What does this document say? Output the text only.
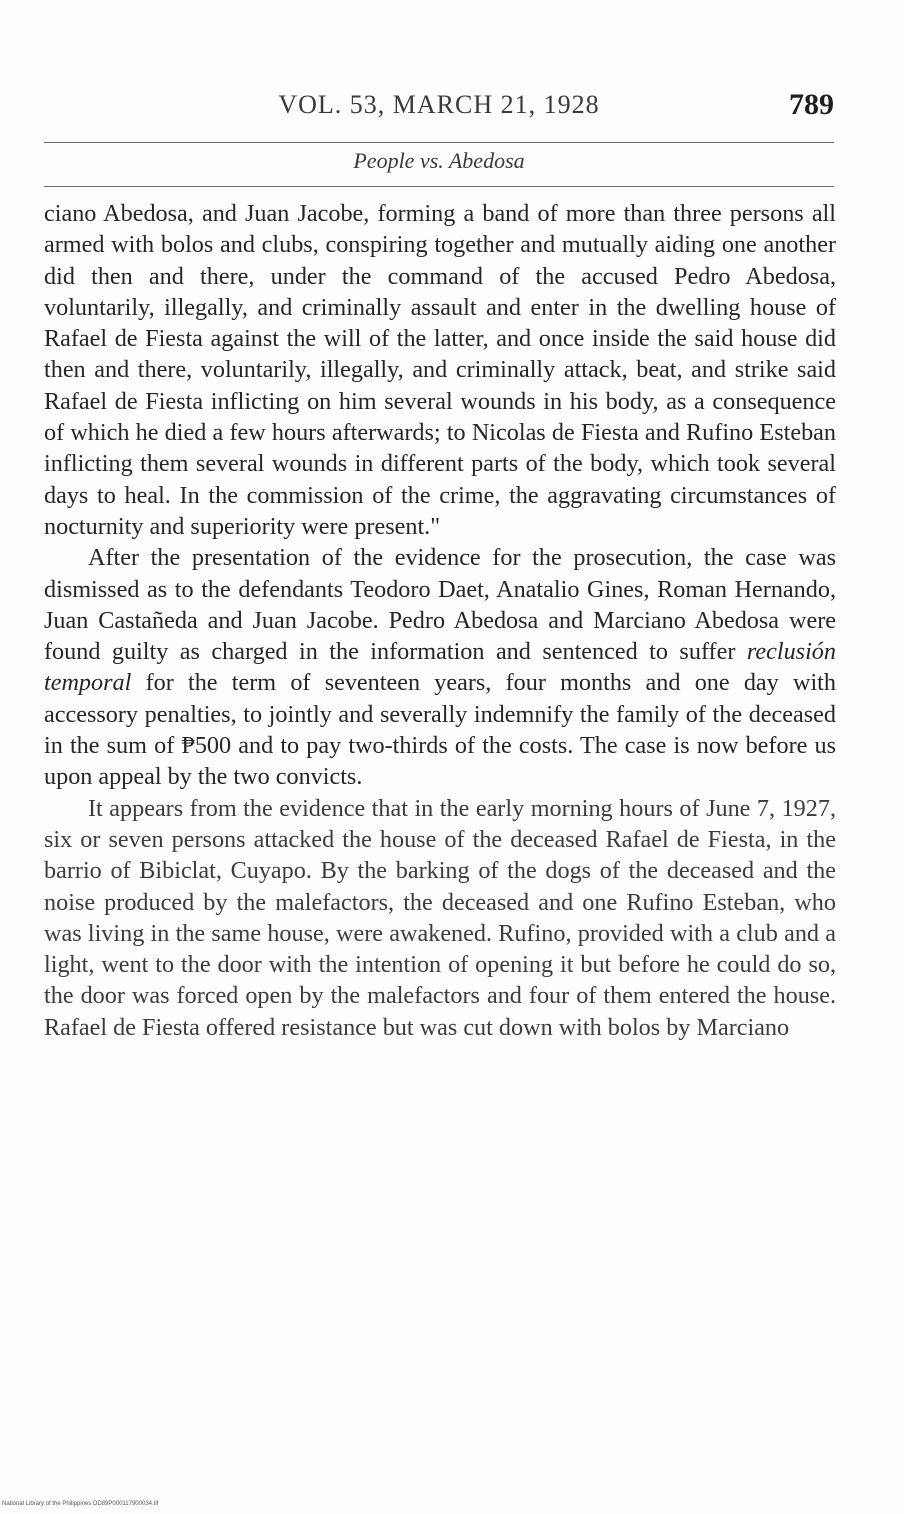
VOL. 53, MARCH 21, 1928	789
People vs. Abedosa

ciano Abedosa, and Juan Jacobe, forming a band of more than three persons all armed with bolos and clubs, conspiring together and mutually aiding one another did then and there, under the command of the accused Pedro Abedosa, voluntarily, illegally, and criminally assault and enter in the dwelling house of Rafael de Fiesta against the will of the latter, and once inside the said house did then and there, voluntarily, illegally, and criminally attack, beat, and strike said Rafael de Fiesta inflicting on him several wounds in his body, as a consequence of which he died a few hours afterwards; to Nicolas de Fiesta and Rufino Esteban inflicting them several wounds in different parts of the body, which took several days to heal. In the commission of the crime, the aggravating circumstances of nocturnity and superiority were present."

After the presentation of the evidence for the prosecution, the case was dismissed as to the defendants Teodoro Daet, Anatalio Gines, Roman Hernando, Juan Castañeda and Juan Jacobe. Pedro Abedosa and Marciano Abedosa were found guilty as charged in the information and sentenced to suffer reclusión temporal for the term of seventeen years, four months and one day with accessory penalties, to jointly and severally indemnify the family of the deceased in the sum of ₱500 and to pay two-thirds of the costs. The case is now before us upon appeal by the two convicts.

It appears from the evidence that in the early morning hours of June 7, 1927, six or seven persons attacked the house of the deceased Rafael de Fiesta, in the barrio of Bibiclat, Cuyapo. By the barking of the dogs of the deceased and the noise produced by the malefactors, the deceased and one Rufino Esteban, who was living in the same house, were awakened. Rufino, provided with a club and a light, went to the door with the intention of opening it but before he could do so, the door was forced open by the malefactors and four of them entered the house. Rafael de Fiesta offered resistance but was cut down with bolos by Marciano

National Library of the Philippines DD89P000117900034.tif
